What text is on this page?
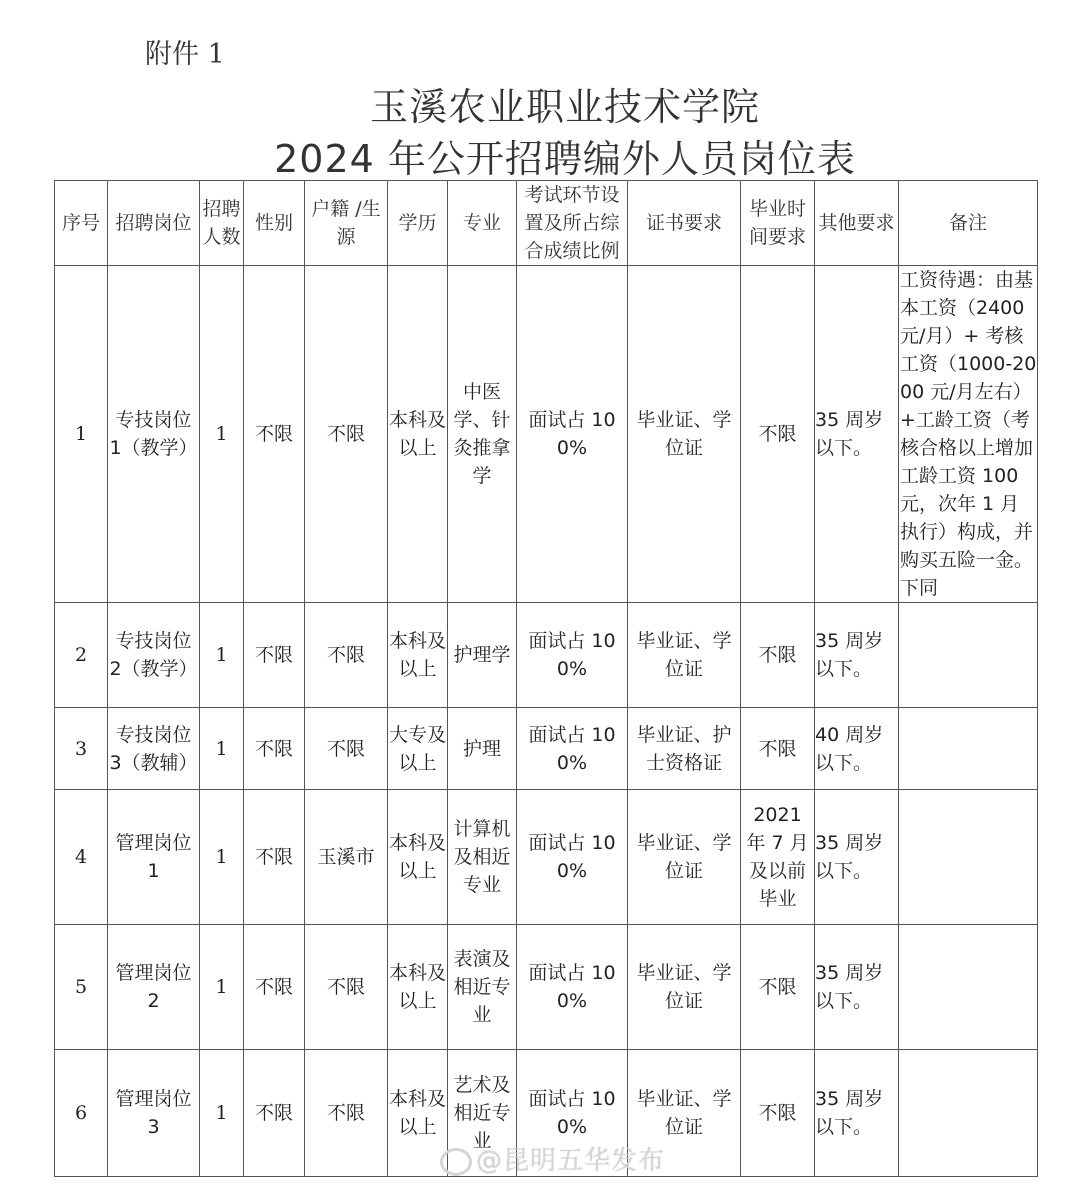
附件 1
玉溪农业职业技术学院
2024 年公开招聘编外人员岗位表
序号	招聘岗位	招聘人数	性别	户籍 /生源	学历	专业	考试环节设置及所占综合成绩比例	证书要求	毕业时间要求	其他要求	备注
1	专技岗位 1（教学）	1	不限	不限	本科及以上	中医学、针灸推拿学	面试占 100%	毕业证、学位证	不限	35 周岁以下。	工资待遇：由基本工资（2400 元/月）+ 考核工资（1000-2000 元/月左右）+工龄工资（考核合格以上增加工龄工资 100 元，次年 1 月执行）构成，并购买五险一金。下同
2	专技岗位 2（教学）	1	不限	不限	本科及以上	护理学	面试占 100%	毕业证、学位证	不限	35 周岁以下。	
3	专技岗位 3（教辅）	1	不限	不限	大专及以上	护理	面试占 100%	毕业证、护士资格证	不限	40 周岁以下。	
4	管理岗位 1	1	不限	玉溪市	本科及以上	计算机及相近专业	面试占 100%	毕业证、学位证	2021 年 7 月及以前毕业	35 周岁以下。	
5	管理岗位 2	1	不限	不限	本科及以上	表演及相近专业	面试占 100%	毕业证、学位证	不限	35 周岁以下。	
6	管理岗位 3	1	不限	不限	本科及以上	艺术及相近专业	面试占 100%	毕业证、学位证	不限	35 周岁以下。	
@昆明五华发布
